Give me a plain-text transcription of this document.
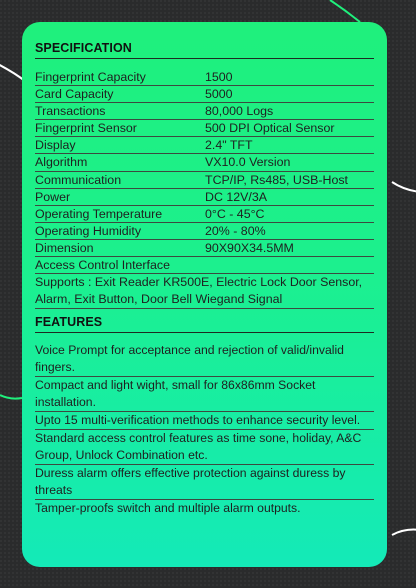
SPECIFICATION
Fingerprint Capacity	1500
Card Capacity	5000
Transactions	80,000 Logs
Fingerprint Sensor	500 DPI Optical Sensor
Display	2.4" TFT
Algorithm	VX10.0 Version
Communication	TCP/IP, Rs485, USB-Host
Power	DC 12V/3A
Operating Temperature	0°C - 45°C
Operating Humidity	20% - 80%
Dimension	90X90X34.5MM
Access Control Interface
Supports : Exit Reader KR500E, Electric Lock Door Sensor, Alarm, Exit Button, Door Bell Wiegand Signal
FEATURES
Voice Prompt for acceptance and rejection of valid/invalid fingers.
Compact and light wight, small for 86x86mm Socket installation.
Upto 15 multi-verification methods to enhance security level.
Standard access control features as time sone, holiday, A&C Group, Unlock Combination etc.
Duress alarm offers effective protection against duress by threats
Tamper-proofs switch and multiple alarm outputs.
